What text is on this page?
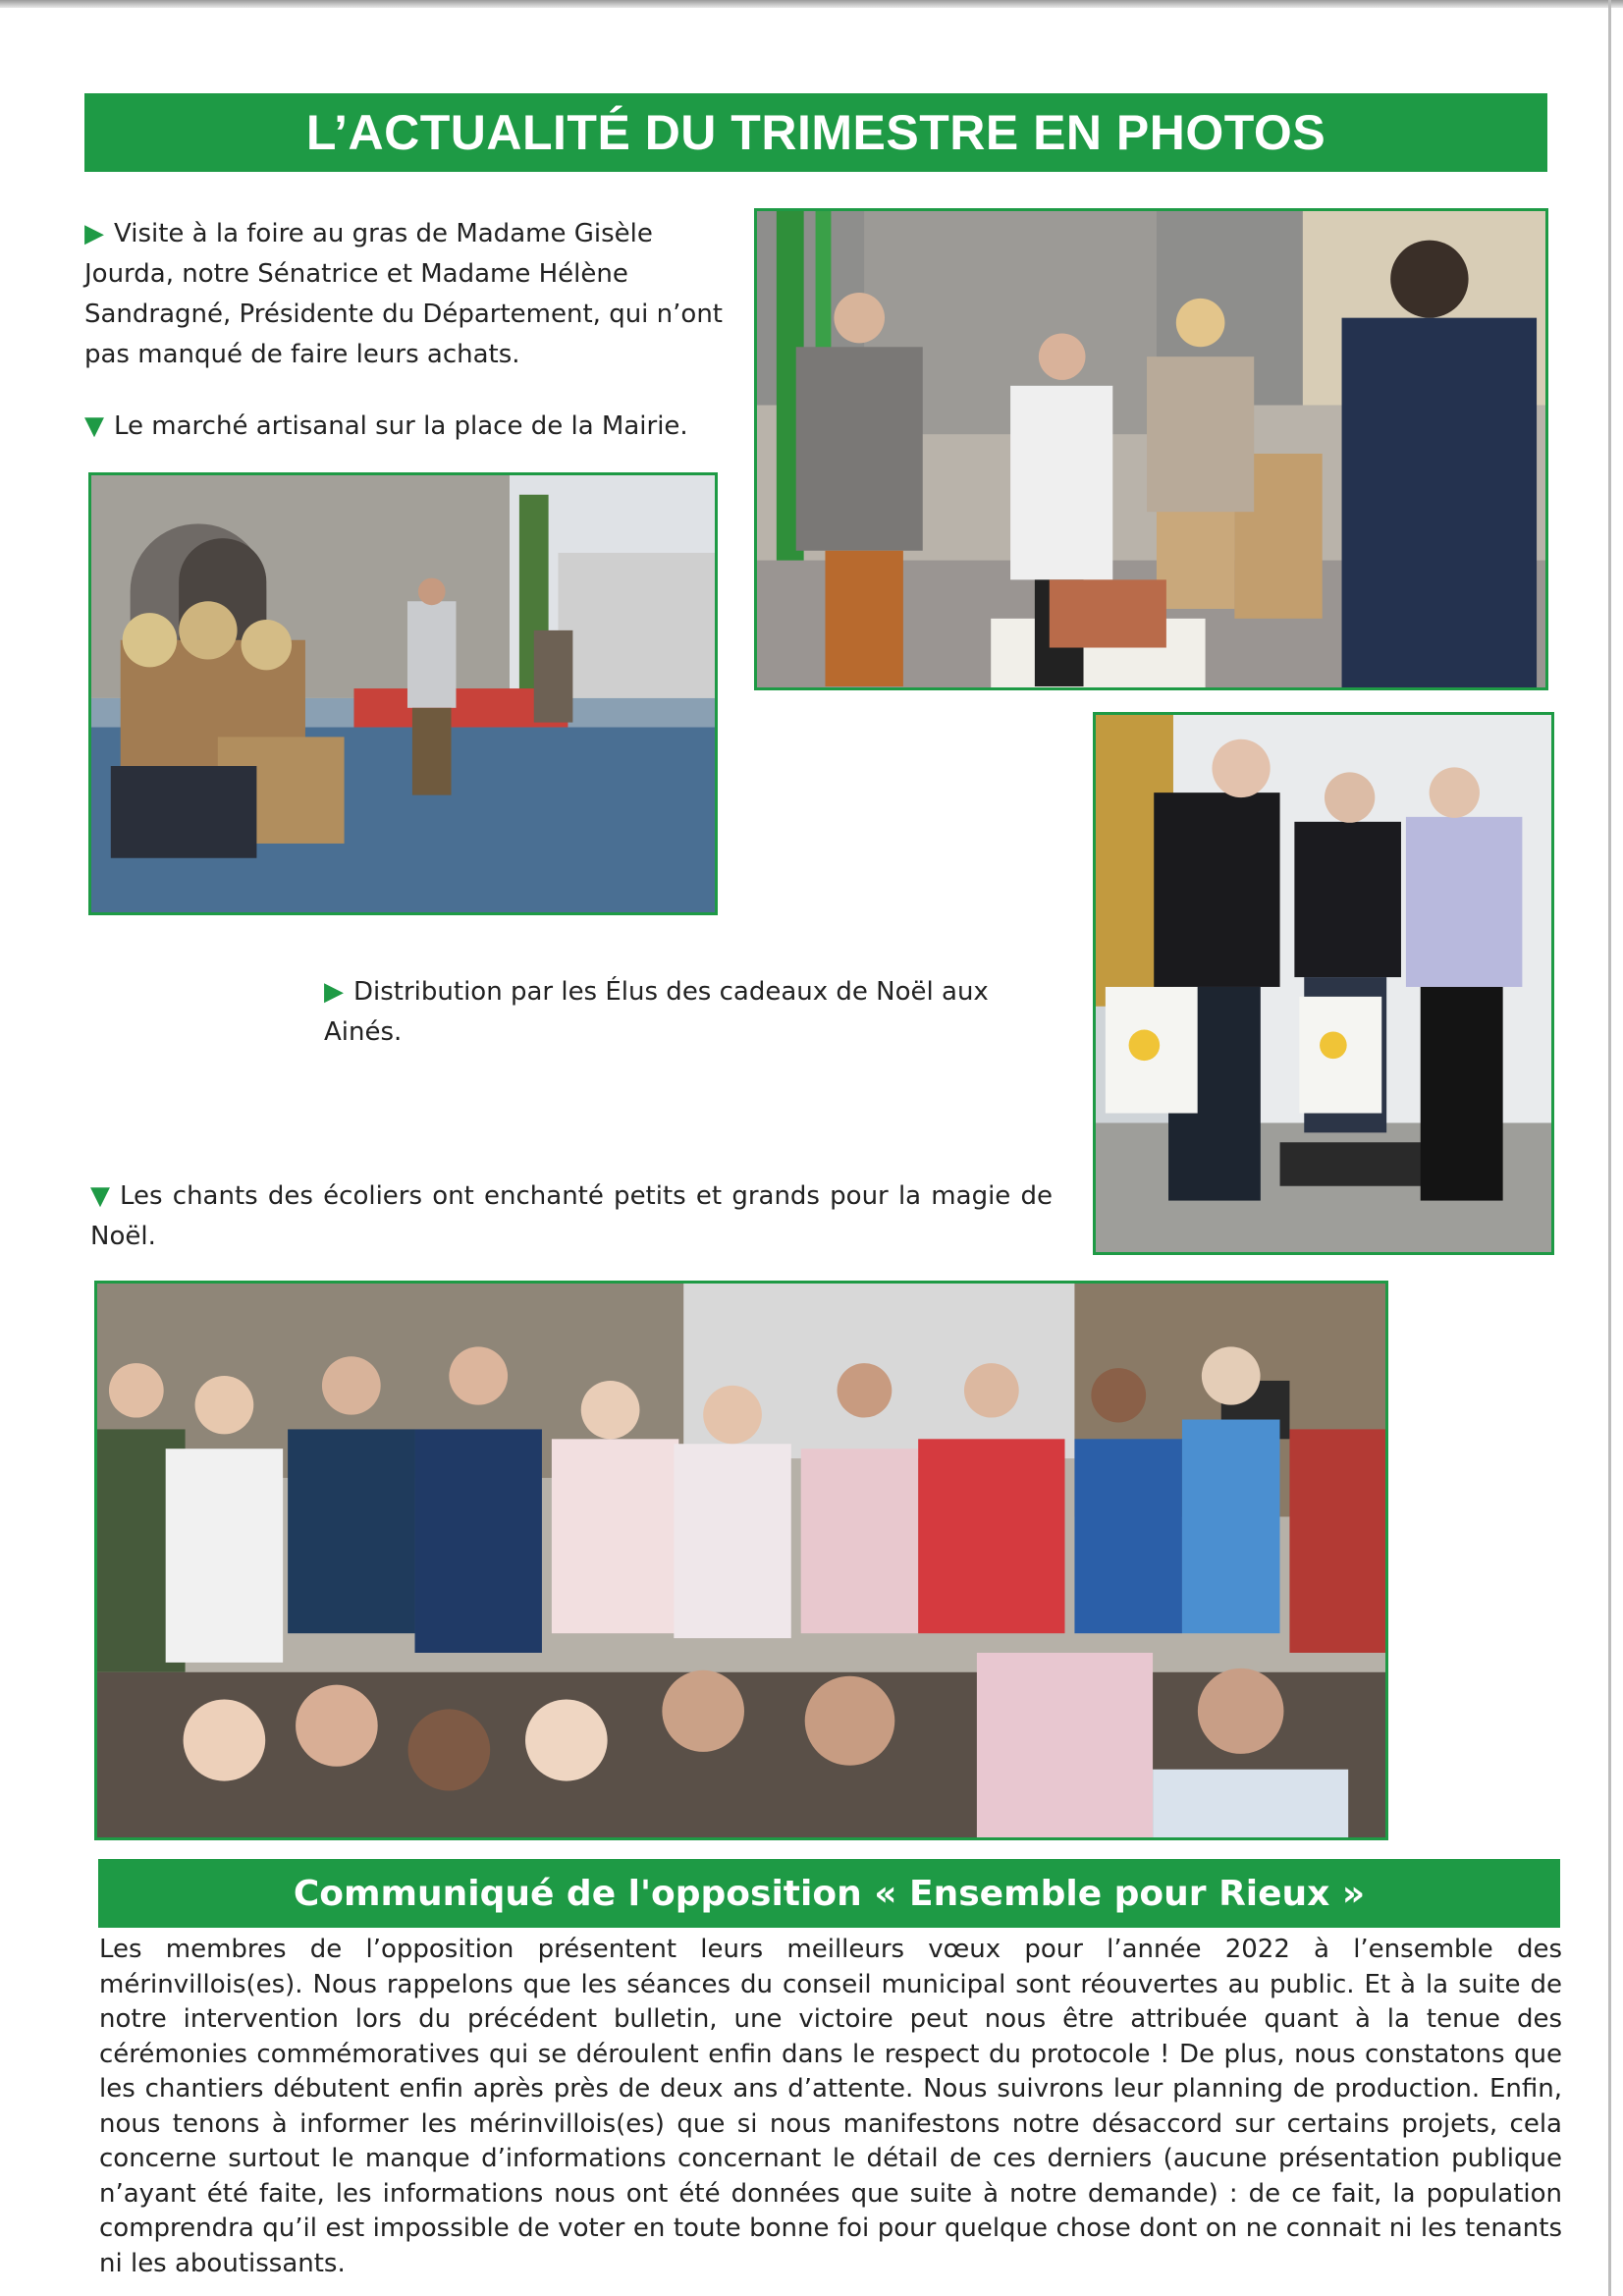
L’ACTUALITÉ DU TRIMESTRE EN PHOTOS
▶ Visite à la foire au gras de Madame Gisèle Jourda, notre Sénatrice et Madame Hélène Sandragné, Présidente du Département, qui n’ont pas manqué de faire leurs achats.
▼ Le marché artisanal sur la place de la Mairie.
▶ Distribution par les Élus des cadeaux de Noël aux Ainés.
▼ Les chants des écoliers ont enchanté petits et grands pour la magie de Noël.
Communiqué de l'opposition « Ensemble pour Rieux »
Les membres de l’opposition présentent leurs meilleurs vœux pour l’année 2022 à l’ensemble des mérinvillois(es). Nous rappelons que les séances du conseil municipal sont réouvertes au public. Et à la suite de notre intervention lors du précédent bulletin, une victoire peut nous être attribuée quant à la tenue des cérémonies commémoratives qui se déroulent enfin dans le respect du protocole ! De plus, nous constatons que les chantiers débutent enfin après près de deux ans d’attente. Nous suivrons leur planning de production. Enfin, nous tenons à informer les mérinvillois(es) que si nous manifestons notre désaccord sur certains projets, cela concerne surtout le manque d’informations concernant le détail de ces derniers (aucune présentation publique n’ayant été faite, les informations nous ont été données que suite à notre demande) : de ce fait, la population comprendra qu’il est impossible de voter en toute bonne foi pour quelque chose dont on ne connait ni les tenants ni les aboutissants.
